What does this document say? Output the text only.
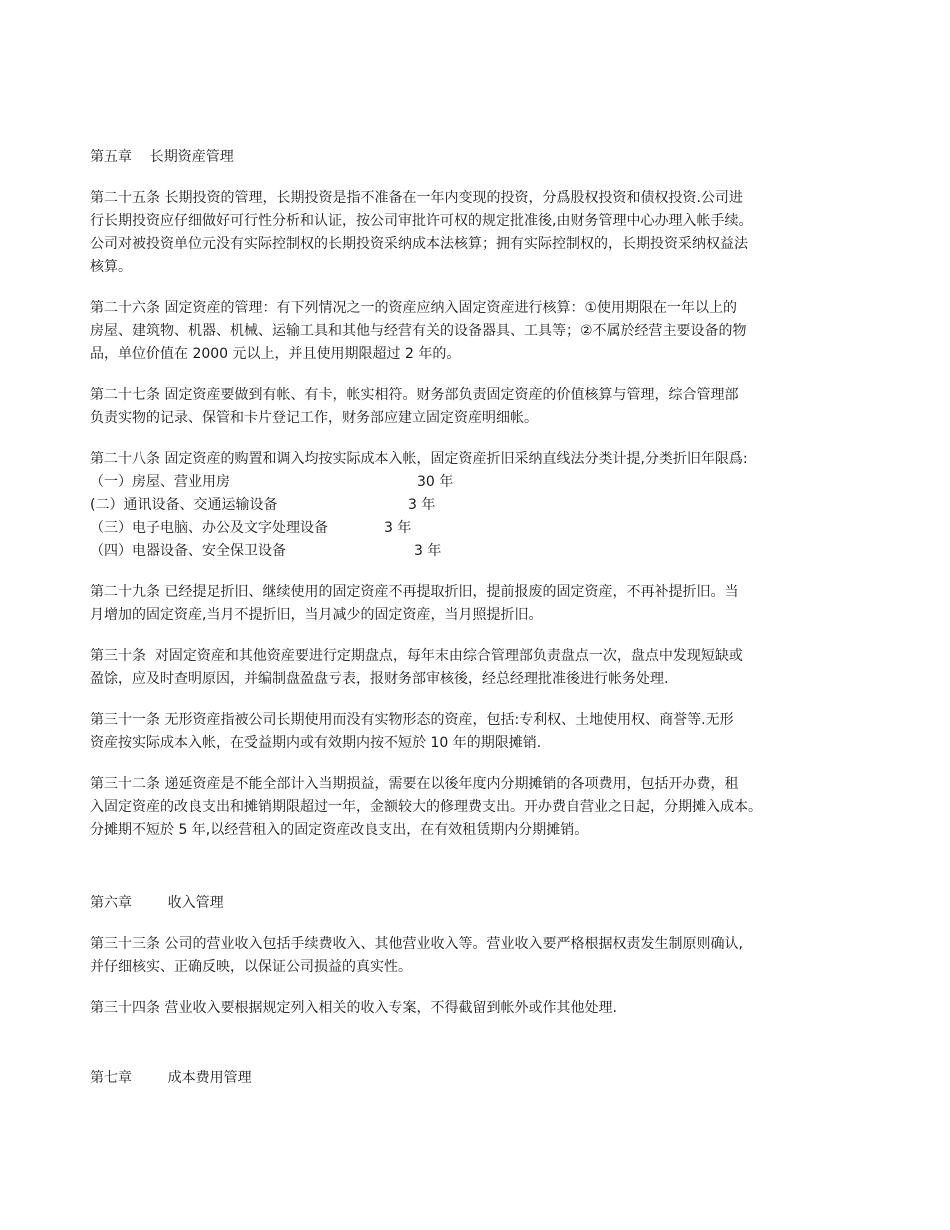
第五章    长期资産管理
第二十五条 长期投资的管理，长期投资是指不准备在一年内变现的投资，分爲股权投资和债权投资.公司进
行长期投资应仔细做好可行性分析和认证，按公司审批许可权的规定批准後,由财务管理中心办理入帐手续。
公司对被投资单位元没有实际控制权的长期投资采纳成本法核算；拥有实际控制权的，长期投资采纳权益法
核算。
第二十六条 固定资産的管理：有下列情况之一的资産应纳入固定资産进行核算：①使用期限在一年以上的
房屋、建筑物、机器、机械、运输工具和其他与经营有关的设备器具、工具等；②不属於经营主要设备的物
品，单位价值在 2000 元以上，并且使用期限超过 2 年的。
第二十七条 固定资産要做到有帐、有卡，帐实相符。财务部负责固定资産的价值核算与管理，综合管理部
负责实物的记录、保管和卡片登记工作，财务部应建立固定资産明细帐。
第二十八条 固定资産的购置和调入均按实际成本入帐，固定资産折旧采纳直线法分类计提,分类折旧年限爲:
（一）房屋、营业用房	30 年
(二）通讯设备、交通运输设备	3 年
（三）电子电脑、办公及文字处理设备	3 年
（四）电器设备、安全保卫设备	3 年
第二十九条 已经提足折旧、继续使用的固定资産不再提取折旧，提前报废的固定资産，不再补提折旧。当
月增加的固定资産,当月不提折旧，当月减少的固定资産，当月照提折旧。
第三十条  对固定资産和其他资産要进行定期盘点，每年末由综合管理部负责盘点一次，盘点中发现短缺或
盈馀，应及时查明原因，并编制盘盈盘亏表，报财务部审核後，经总经理批准後进行帐务处理.
第三十一条 无形资産指被公司长期使用而没有实物形态的资産，包括:专利权、土地使用权、商誉等.无形
资産按实际成本入帐，在受益期内或有效期内按不短於 10 年的期限摊销.
第三十二条 递延资産是不能全部计入当期损益，需要在以後年度内分期摊销的各项费用，包括开办费，租
入固定资産的改良支出和摊销期限超过一年，金额较大的修理费支出。开办费自营业之日起，分期摊入成本。
分摊期不短於 5 年,以经营租入的固定资産改良支出，在有效租赁期内分期摊销。
第六章        收入管理
第三十三条 公司的营业收入包括手续费收入、其他营业收入等。营业收入要严格根据权责发生制原则确认,
并仔细核实、正确反映，以保证公司损益的真实性。
第三十四条 营业收入要根据规定列入相关的收入专案，不得截留到帐外或作其他处理.
第七章        成本费用管理
